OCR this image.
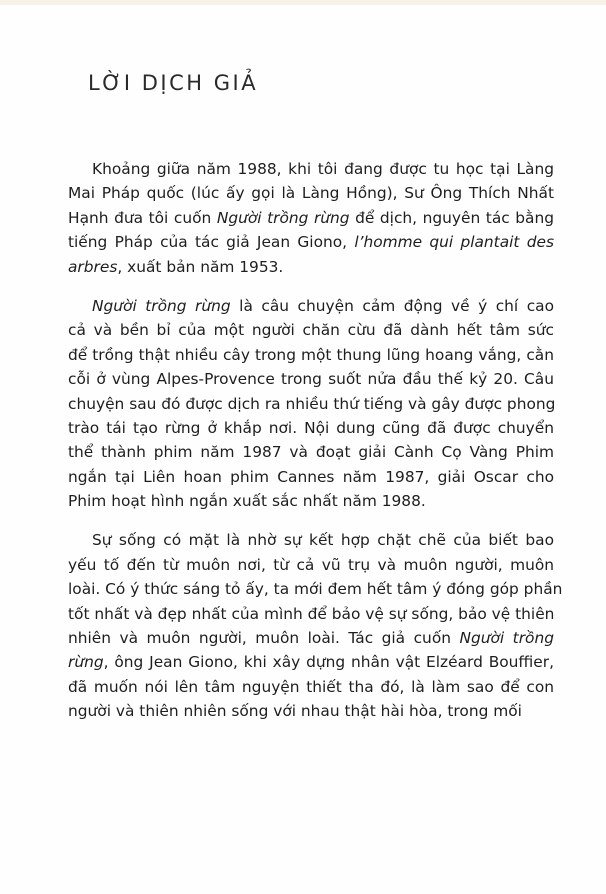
LỜI DỊCH GIẢ
Khoảng giữa năm 1988, khi tôi đang được tu học tại Làng
Mai Pháp quốc (lúc ấy gọi là Làng Hồng), Sư Ông Thích Nhất
Hạnh đưa tôi cuốn Người trồng rừng để dịch, nguyên tác bằng
tiếng Pháp của tác giả Jean Giono, l’homme qui plantait des
arbres, xuất bản năm 1953.
Người trồng rừng là câu chuyện cảm động về ý chí cao
cả và bền bỉ của một người chăn cừu đã dành hết tâm sức
để trồng thật nhiều cây trong một thung lũng hoang vắng, cằn
cỗi ở vùng Alpes-Provence trong suốt nửa đầu thế kỷ 20. Câu
chuyện sau đó được dịch ra nhiều thứ tiếng và gây được phong
trào tái tạo rừng ở khắp nơi. Nội dung cũng đã được chuyển
thể thành phim năm 1987 và đoạt giải Cành Cọ Vàng Phim
ngắn tại Liên hoan phim Cannes năm 1987, giải Oscar cho
Phim hoạt hình ngắn xuất sắc nhất năm 1988.
Sự sống có mặt là nhờ sự kết hợp chặt chẽ của biết bao
yếu tố đến từ muôn nơi, từ cả vũ trụ và muôn người, muôn
loài. Có ý thức sáng tỏ ấy, ta mới đem hết tâm ý đóng góp phần
tốt nhất và đẹp nhất của mình để bảo vệ sự sống, bảo vệ thiên
nhiên và muôn người, muôn loài. Tác giả cuốn Người trồng
rừng, ông Jean Giono, khi xây dựng nhân vật Elzéard Bouffier,
đã muốn nói lên tâm nguyện thiết tha đó, là làm sao để con
người và thiên nhiên sống với nhau thật hài hòa, trong mối
